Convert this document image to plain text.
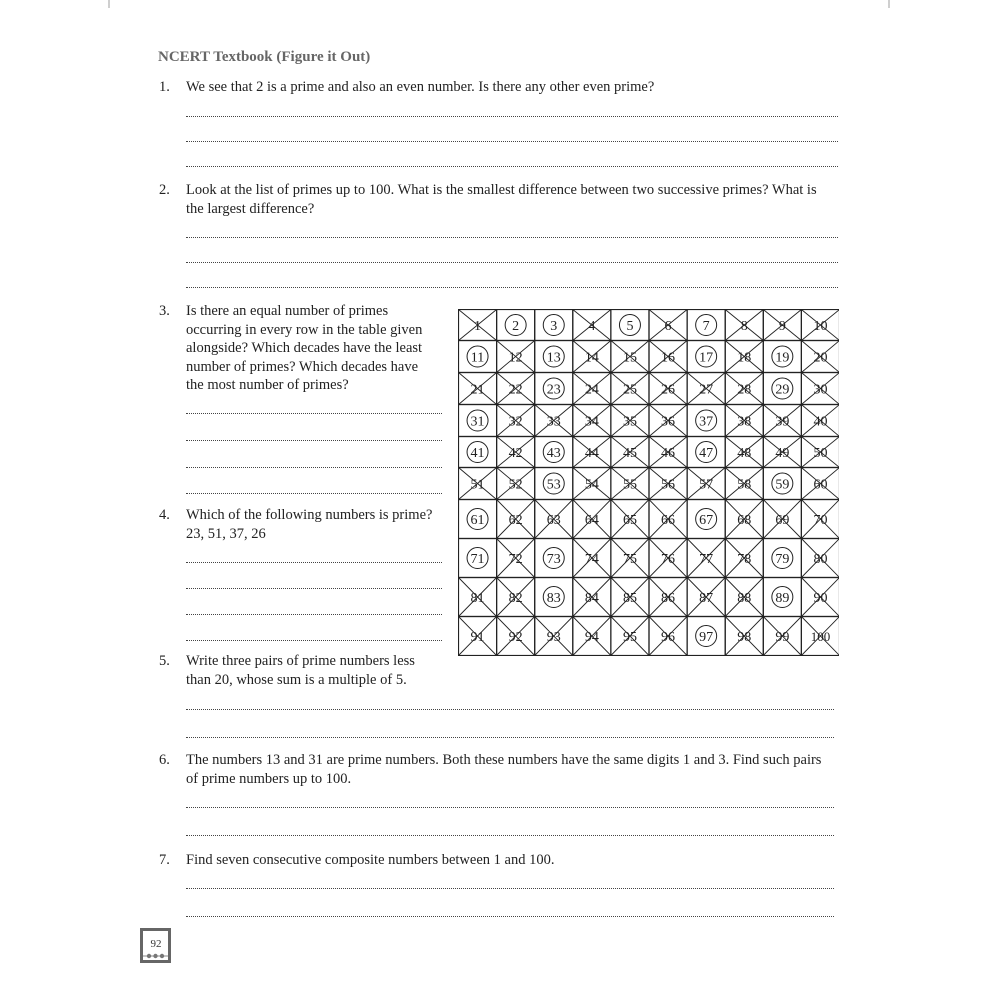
NCERT Textbook (Figure it Out)
1. We see that 2 is a prime and also an even number. Is there any other even prime?
2. Look at the list of primes up to 100. What is the smallest difference between two successive primes? What is
the largest difference?
3. Is there an equal number of primes
occurring in every row in the table given
alongside? Which decades have the least
number of primes? Which decades have
the most number of primes?
4. Which of the following numbers is prime?
23, 51, 37, 26
5. Write three pairs of prime numbers less
than 20, whose sum is a multiple of 5.
6. The numbers 13 and 31 are prime numbers. Both these numbers have the same digits 1 and 3. Find such pairs
of prime numbers up to 100.
7. Find seven consecutive composite numbers between 1 and 100.
1 2 3 4 5 6 7 8 9 10
11 12 13 14 15 16 17 18 19 20
21 22 23 24 25 26 27 28 29 30
31 32 33 34 35 36 37 38 39 40
41 42 43 44 45 46 47 48 49 50
51 52 53 54 55 56 57 58 59 60
61 62 63 64 65 66 67 68 69 70
71 72 73 74 75 76 77 78 79 80
81 82 83 84 85 86 87 88 89 90
91 92 93 94 95 96 97 98 99 100
92
